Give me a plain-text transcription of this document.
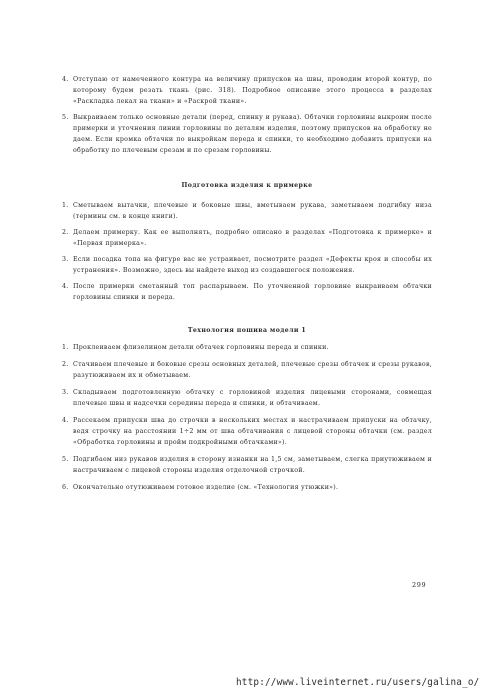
4. Отступаю от намеченного контура на величину припусков на швы, проводим второй контур, по которому будем резать ткань (рис. 318). Подробное описание этого процесса в разделах «Раскладка лекал на ткани» и «Раскрой ткани».
5. Выкраиваем только основные детали (перед, спинку и рукава). Обтачки горловины выкроим после примерки и уточнения линии горловины по деталям изделия, поэтому припусков на обработку не даем. Если кромка обтачки по выкройкам переда и спинки, то необходимо добавить припуски на обработку по плечевым срезам и по срезам горловины.
Подготовка изделия к примерке
1. Сметываем вытачки, плечевые и боковые швы, вметываем рукава, заметываем подгибку низа (термины см. в конце книги).
2. Делаем примерку. Как ее выполнять, подробно описано в разделах «Подготовка к примерке» и «Первая примерка».
3. Если посадка топа на фигуре вас не устраивает, посмотрите раздел «Дефекты кроя и способы их устранения». Возможно, здесь вы найдете выход из создавшегося положения.
4. После примерки сметанный топ распарываем. По уточненной горловине выкраиваем обтачки горловины спинки и переда.
Технология пошива модели 1
1. Проклеиваем флизелином детали обтачек горловины переда и спинки.
2. Стачиваем плечевые и боковые срезы основных деталей, плечевые срезы обтачек и срезы рукавов, разутюживаем их и обметываем.
3. Складываем подготовленную обтачку с горловиной изделия лицевыми сторонами, совмещая плечевые швы и надсечки середины переда и спинки, и обтачиваем.
4. Рассекаем припуски шва до строчки в нескольких местах и настрачиваем припуски на обтачку, ведя строчку на расстоянии 1÷2 мм от шва обтачивания с лицевой стороны обтачки (см. раздел «Обработка горловины и пройм подкройными обтачками»).
5. Подгибаем низ рукавов изделия в сторону изнанки на 1,5 см, заметываем, слегка приутюживаем и настрачиваем с лицевой стороны изделия отделочной строчкой.
6. Окончательно отутюживаем готовое изделие (см. «Технология утюжки»).
299
http://www.liveinternet.ru/users/galina_o/
